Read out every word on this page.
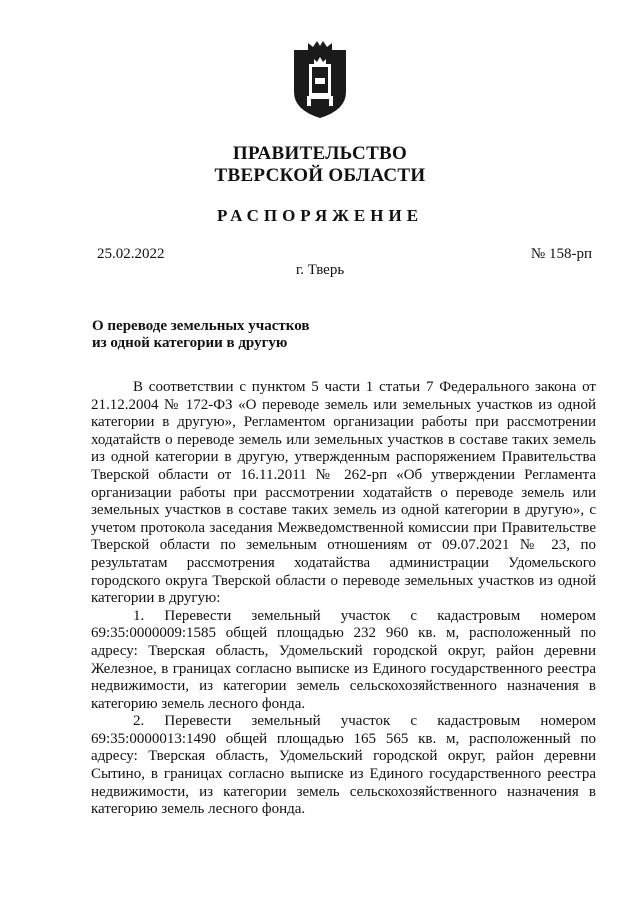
ПРАВИТЕЛЬСТВО
ТВЕРСКОЙ ОБЛАСТИ
РАСПОРЯЖЕНИЕ
25.02.2022	№ 158-рп
г. Тверь
О переводе земельных участков
из одной категории в другую

В соответствии с пунктом 5 части 1 статьи 7 Федерального закона от 21.12.2004 № 172-ФЗ «О переводе земель или земельных участков из одной категории в другую», Регламентом организации работы при рассмотрении ходатайств о переводе земель или земельных участков в составе таких земель из одной категории в другую, утвержденным распоряжением Правительства Тверской области от 16.11.2011 № 262-рп «Об утверждении Регламента организации работы при рассмотрении ходатайств о переводе земель или земельных участков в составе таких земель из одной категории в другую», с учетом протокола заседания Межведомственной комиссии при Правительстве Тверской области по земельным отношениям от 09.07.2021 № 23, по результатам рассмотрения ходатайства администрации Удомельского городского округа Тверской области о переводе земельных участков из одной категории в другую:

1. Перевести земельный участок с кадастровым номером 69:35:0000009:1585 общей площадью 232 960 кв. м, расположенный по адресу: Тверская область, Удомельский городской округ, район деревни Железное, в границах согласно выписке из Единого государственного реестра недвижимости, из категории земель сельскохозяйственного назначения в категорию земель лесного фонда.

2. Перевести земельный участок с кадастровым номером 69:35:0000013:1490 общей площадью 165 565 кв. м, расположенный по адресу: Тверская область, Удомельский городской округ, район деревни Сытино, в границах согласно выписке из Единого государственного реестра недвижимости, из категории земель сельскохозяйственного назначения в категорию земель лесного фонда.
